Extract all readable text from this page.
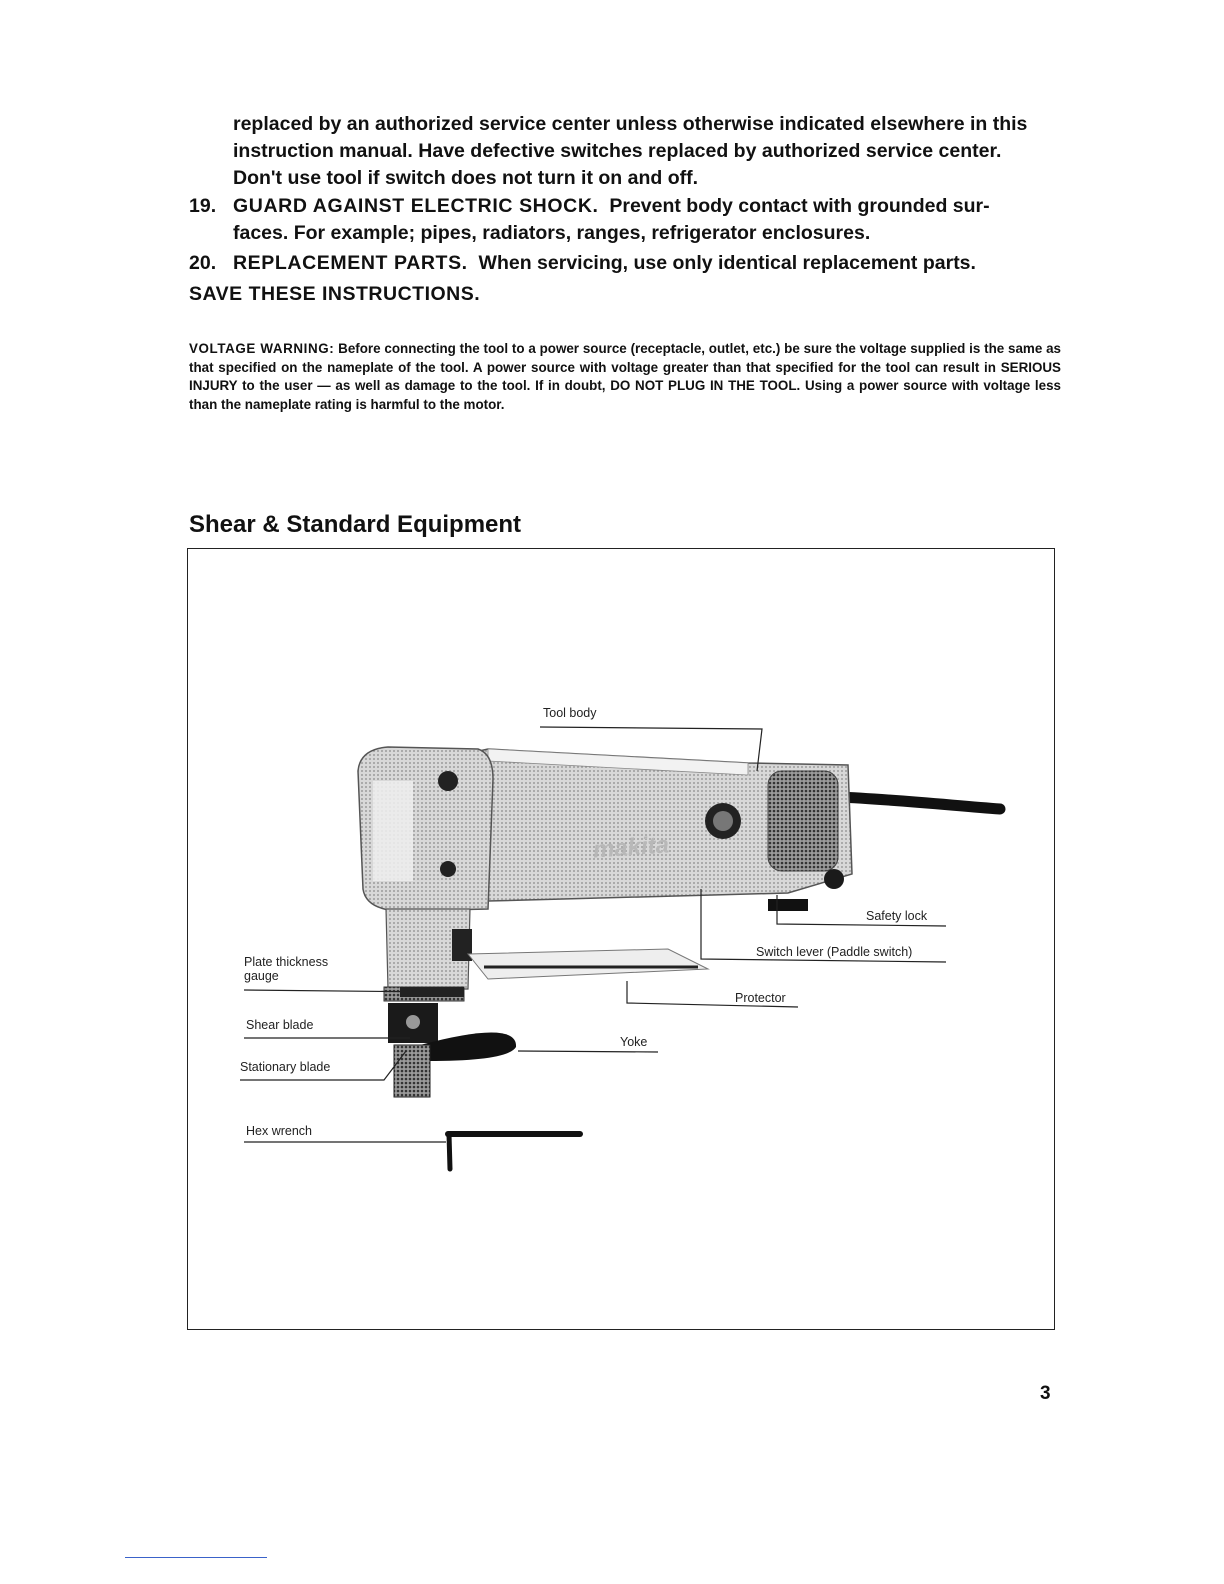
replaced by an authorized service center unless otherwise indicated elsewhere in this
instruction manual. Have defective switches replaced by authorized service center.
Don't use tool if switch does not turn it on and off.
19. GUARD AGAINST ELECTRIC SHOCK. Prevent body contact with grounded sur-
faces. For example; pipes, radiators, ranges, refrigerator enclosures.
20. REPLACEMENT PARTS. When servicing, use only identical replacement parts.
SAVE THESE INSTRUCTIONS.
VOLTAGE WARNING: Before connecting the tool to a power source (receptacle, outlet, etc.) be sure the voltage supplied is the same as that specified on the nameplate of the tool. A power source with voltage greater than that specified for the tool can result in SERIOUS INJURY to the user — as well as damage to the tool. If in doubt, DO NOT PLUG IN THE TOOL. Using a power source with voltage less than the nameplate rating is harmful to the motor.
Shear & Standard Equipment
makita
Tool body
Safety lock
Switch lever (Paddle switch)
Protector
Plate thickness
gauge
Shear blade
Yoke
Stationary blade
Hex wrench
3
